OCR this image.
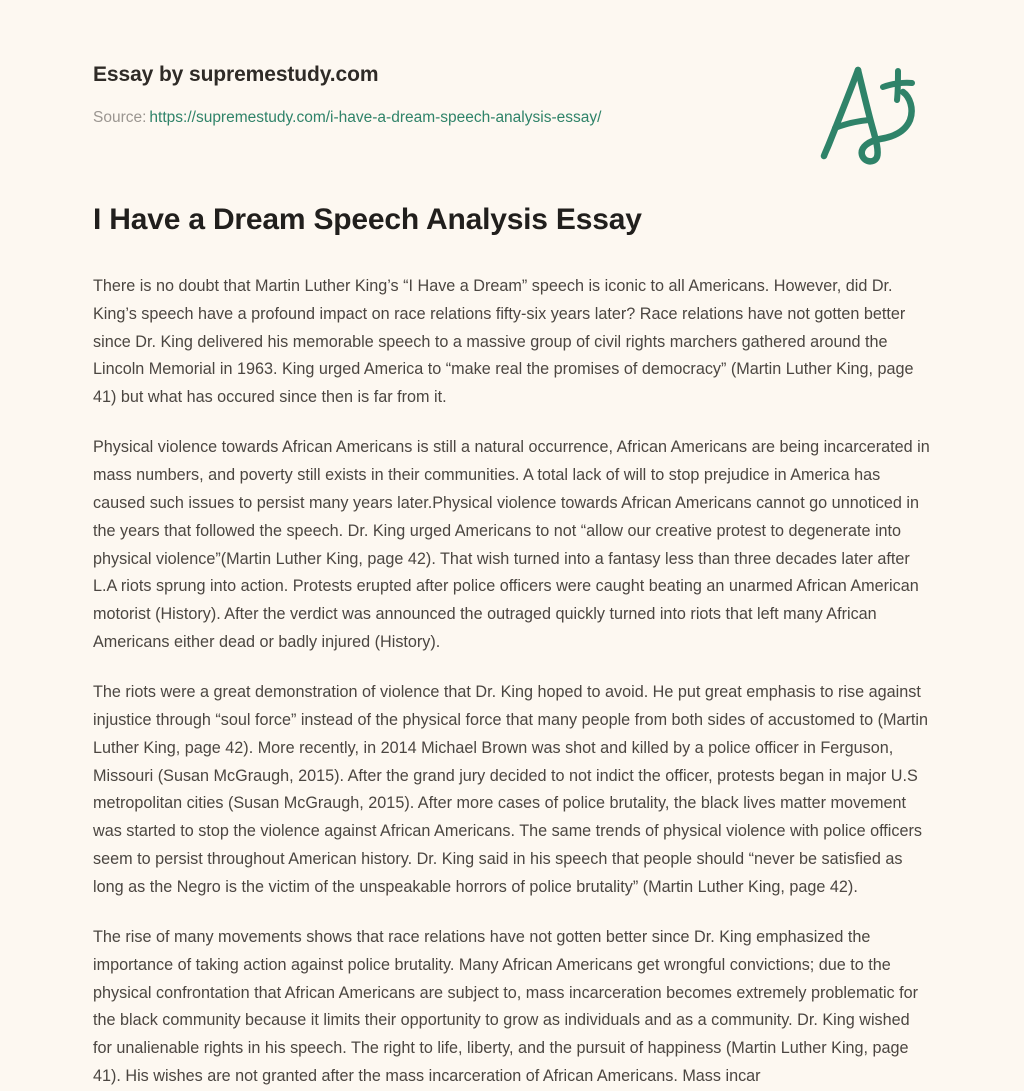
Essay by supremestudy.com
Source: https://supremestudy.com/i-have-a-dream-speech-analysis-essay/
I Have a Dream Speech Analysis Essay

There is no doubt that Martin Luther King’s “I Have a Dream” speech is iconic to all Americans. However, did Dr. King’s speech have a profound impact on race relations fifty-six years later? Race relations have not gotten better since Dr. King delivered his memorable speech to a massive group of civil rights marchers gathered around the Lincoln Memorial in 1963. King urged America to “make real the promises of democracy” (Martin Luther King, page 41) but what has occured since then is far from it.

Physical violence towards African Americans is still a natural occurrence, African Americans are being incarcerated in mass numbers, and poverty still exists in their communities. A total lack of will to stop prejudice in America has caused such issues to persist many years later.Physical violence towards African Americans cannot go unnoticed in the years that followed the speech. Dr. King urged Americans to not “allow our creative protest to degenerate into physical violence”(Martin Luther King, page 42). That wish turned into a fantasy less than three decades later after L.A riots sprung into action. Protests erupted after police officers were caught beating an unarmed African American motorist (History). After the verdict was announced the outraged quickly turned into riots that left many African Americans either dead or badly injured (History).

The riots were a great demonstration of violence that Dr. King hoped to avoid. He put great emphasis to rise against injustice through “soul force” instead of the physical force that many people from both sides of accustomed to (Martin Luther King, page 42). More recently, in 2014 Michael Brown was shot and killed by a police officer in Ferguson, Missouri (Susan McGraugh, 2015). After the grand jury decided to not indict the officer, protests began in major U.S metropolitan cities (Susan McGraugh, 2015). After more cases of police brutality, the black lives matter movement was started to stop the violence against African Americans. The same trends of physical violence with police officers seem to persist throughout American history. Dr. King said in his speech that people should “never be satisfied as long as the Negro is the victim of the unspeakable horrors of police brutality” (Martin Luther King, page 42).

The rise of many movements shows that race relations have not gotten better since Dr. King emphasized the importance of taking action against police brutality. Many African Americans get wrongful convictions; due to the physical confrontation that African Americans are subject to, mass incarceration becomes extremely problematic for the black community because it limits their opportunity to grow as individuals and as a community. Dr. King wished for unalienable rights in his speech. The right to life, liberty, and the pursuit of happiness (Martin Luther King, page 41). His wishes are not granted after the mass incarceration of African Americans. Mass incar
